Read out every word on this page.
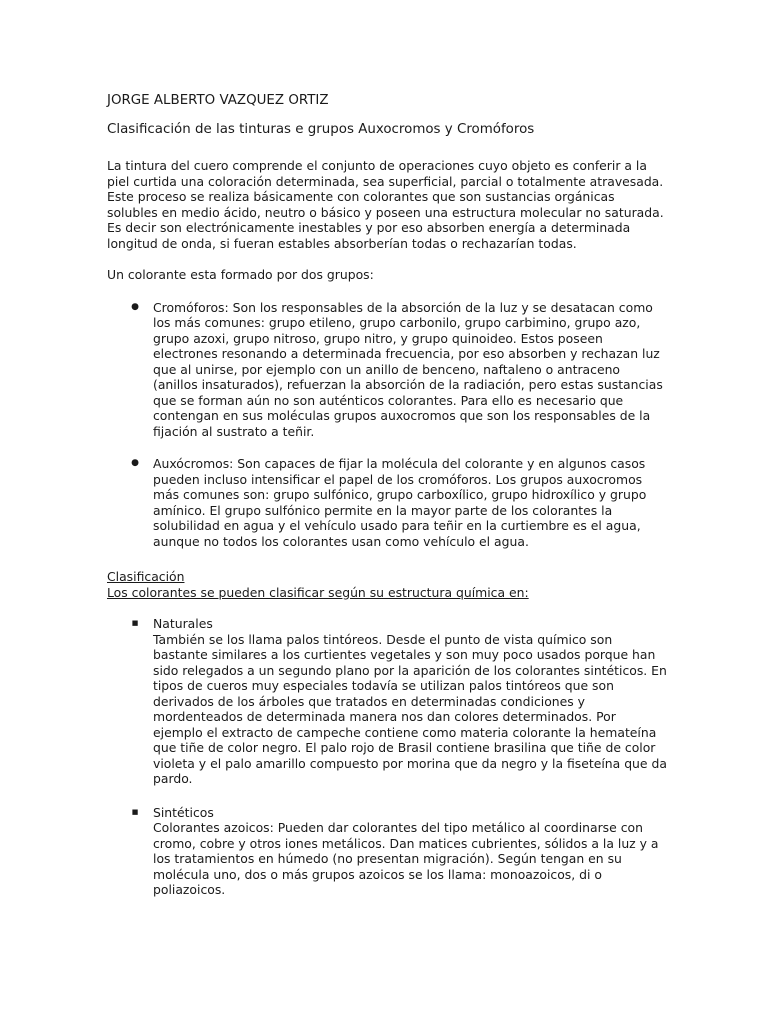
JORGE ALBERTO VAZQUEZ ORTIZ
Clasificación de las tinturas e grupos Auxocromos y Cromóforos

La tintura del cuero comprende el conjunto de operaciones cuyo objeto es conferir a la piel curtida una coloración determinada, sea superficial, parcial o totalmente atravesada. Este proceso se realiza básicamente con colorantes que son sustancias orgánicas solubles en medio ácido, neutro o básico y poseen una estructura molecular no saturada. Es decir son electrónicamente inestables y por eso absorben energía a determinada longitud de onda, si fueran estables absorberían todas o rechazarían todas.

Un colorante esta formado por dos grupos:

● Cromóforos: Son los responsables de la absorción de la luz y se desatacan como los más comunes: grupo etileno, grupo carbonilo, grupo carbimino, grupo azo, grupo azoxi, grupo nitroso, grupo nitro, y grupo quinoideo. Estos poseen electrones resonando a determinada frecuencia, por eso absorben y rechazan luz que al unirse, por ejemplo con un anillo de benceno, naftaleno o antraceno (anillos insaturados), refuerzan la absorción de la radiación, pero estas sustancias que se forman aún no son auténticos colorantes. Para ello es necesario que contengan en sus moléculas grupos auxocromos que son los responsables de la fijación al sustrato a teñir.
● Auxócromos: Son capaces de fijar la molécula del colorante y en algunos casos pueden incluso intensificar el papel de los cromóforos. Los grupos auxocromos más comunes son: grupo sulfónico, grupo carboxílico, grupo hidroxílico y grupo amínico. El grupo sulfónico permite en la mayor parte de los colorantes la solubilidad en agua y el vehículo usado para teñir en la curtiembre es el agua, aunque no todos los colorantes usan como vehículo el agua.
Clasificación
Los colorantes se pueden clasificar según su estructura química en:
■ Naturales
También se los llama palos tintóreos. Desde el punto de vista químico son bastante similares a los curtientes vegetales y son muy poco usados porque han sido relegados a un segundo plano por la aparición de los colorantes sintéticos. En tipos de cueros muy especiales todavía se utilizan palos tintóreos que son derivados de los árboles que tratados en determinadas condiciones y mordenteados de determinada manera nos dan colores determinados. Por ejemplo el extracto de campeche contiene como materia colorante la hemateína que tiñe de color negro. El palo rojo de Brasil contiene brasilina que tiñe de color violeta y el palo amarillo compuesto por morina que da negro y la fiseteína que da pardo.
■ Sintéticos
Colorantes azoicos: Pueden dar colorantes del tipo metálico al coordinarse con cromo, cobre y otros iones metálicos. Dan matices cubrientes, sólidos a la luz y a los tratamientos en húmedo (no presentan migración). Según tengan en su molécula uno, dos o más grupos azoicos se los llama: monoazoicos, di o poliazoicos.
